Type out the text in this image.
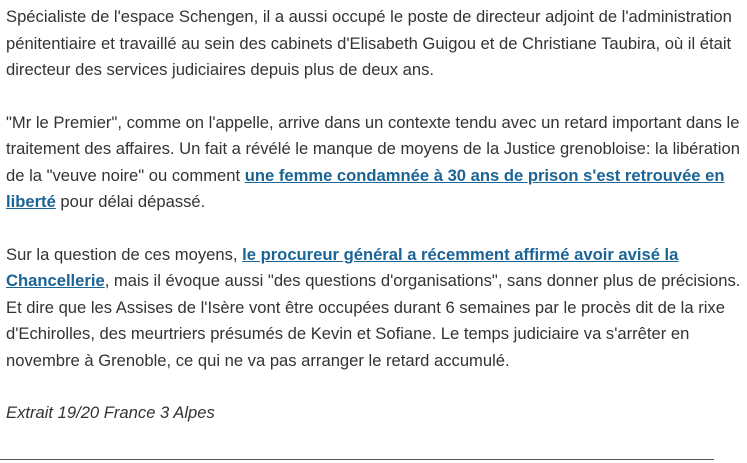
Spécialiste de l'espace Schengen, il a aussi occupé le poste de directeur adjoint de l'administration pénitentiaire et travaillé au sein des cabinets d'Elisabeth Guigou et de Christiane Taubira, où il était directeur des services judiciaires depuis plus de deux ans.

"Mr le Premier", comme on l'appelle, arrive dans un contexte tendu avec un retard important dans le traitement des affaires. Un fait a révélé le manque de moyens de la Justice grenobloise: la libération de la "veuve noire" ou comment une femme condamnée à 30 ans de prison s'est retrouvée en liberté pour délai dépassé.

Sur la question de ces moyens, le procureur général a récemment affirmé avoir avisé la Chancellerie, mais il évoque aussi "des questions d'organisations", sans donner plus de précisions. Et dire que les Assises de l'Isère vont être occupées durant 6 semaines par le procès dit de la rixe d'Echirolles, des meurtriers présumés de Kevin et Sofiane. Le temps judiciaire va s'arrêter en novembre à Grenoble, ce qui ne va pas arranger le retard accumulé.

Extrait 19/20 France 3 Alpes
